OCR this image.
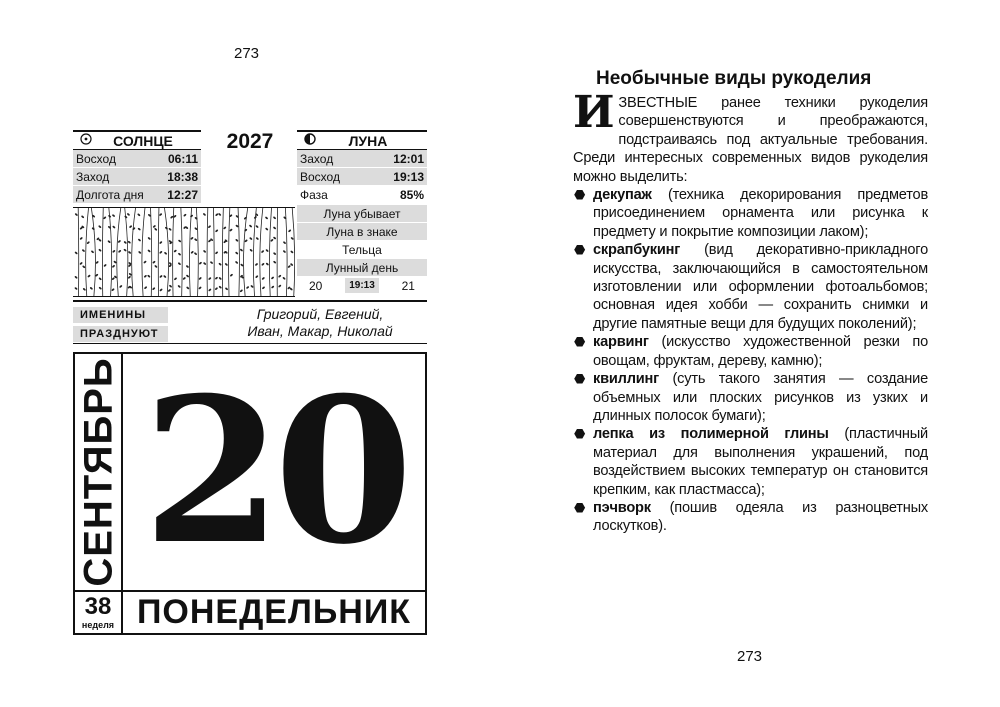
273
273
СОЛНЦЕ
Восход	06:11
Заход	18:38
Долгота дня 12:27
2027	ЛУНА
Заход	12:01
Восход	19:13
Фаза	85%
Луна убывает
Луна в знаке
Тельца
Лунный день
20	19:13	21
ИМЕНИНЫ
ПРАЗДНУЮТ
Григорий, Евгений,
Иван, Макар, Николай
СЕНТЯБРЬ 20
38
неделя ПОНЕДЕЛЬНИК
Необычные виды рукоделия

ИЗВЕСТНЫЕ ранее техники рукоделия совершенствуются и преображаются, подстраиваясь под актуальные требования. Среди интересных современных видов рукоделия можно выделить:

⬣ декупаж (техника декорирования предметов присоединением орнамента или рисунка к предмету и покрытие композиции лаком);
⬣ скрапбукинг (вид декоративно-прикладного искусства, заключающийся в самостоятельном изготовлении или оформлении фотоальбомов; основная идея хобби — сохранить снимки и другие памятные вещи для будущих поколений);
⬣ карвинг (искусство художественной резки по овощам, фруктам, дереву, камню);
⬣ квиллинг (суть такого занятия — создание объемных или плоских рисунков из узких и длинных полосок бумаги);
⬣ лепка из полимерной глины (пластичный материал для выполнения украшений, под воздействием высоких температур он становится крепким, как пластмасса);
⬣ пэчворк (пошив одеяла из разноцветных лоскутков).
